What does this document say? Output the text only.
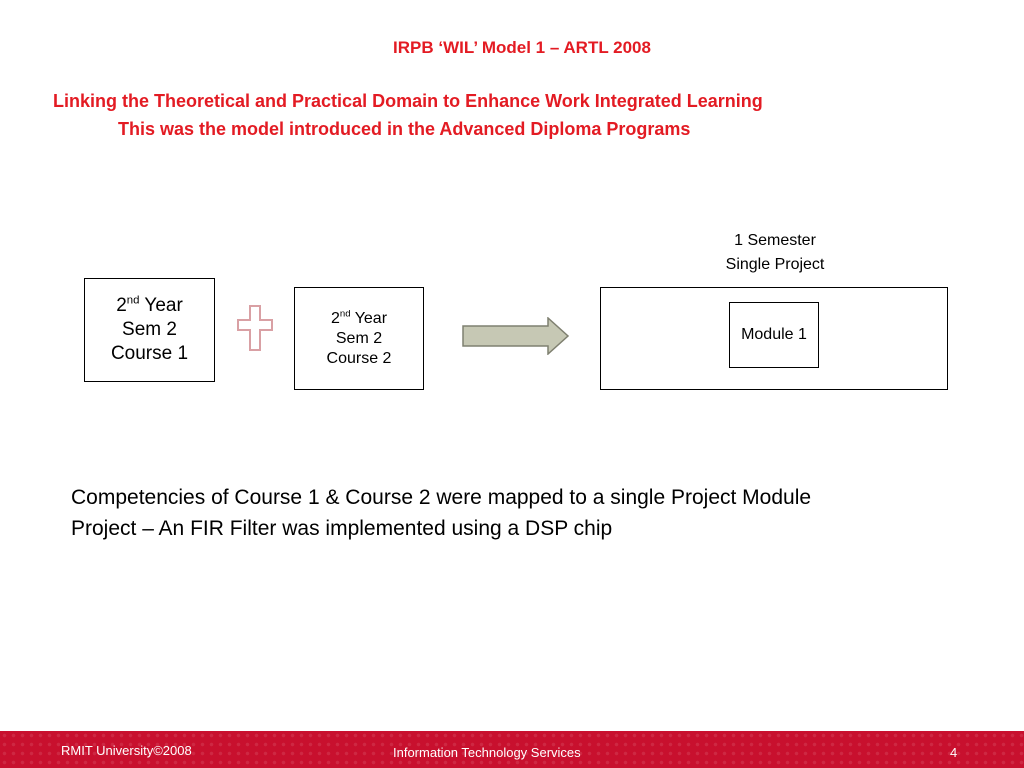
IRPB ‘WIL’ Model 1 – ARTL 2008

Linking the Theoretical and Practical Domain to Enhance Work Integrated Learning

This was the model introduced in the Advanced Diploma Programs

2nd Year
Sem 2
Course 1
2nd Year
Sem 2
Course 2
1 Semester
Single Project
Module 1
Competencies of Course 1 & Course 2 were mapped to a single Project Module
Project – An FIR Filter was implemented using a DSP chip
RMIT University©2008	Information Technology Services	4
